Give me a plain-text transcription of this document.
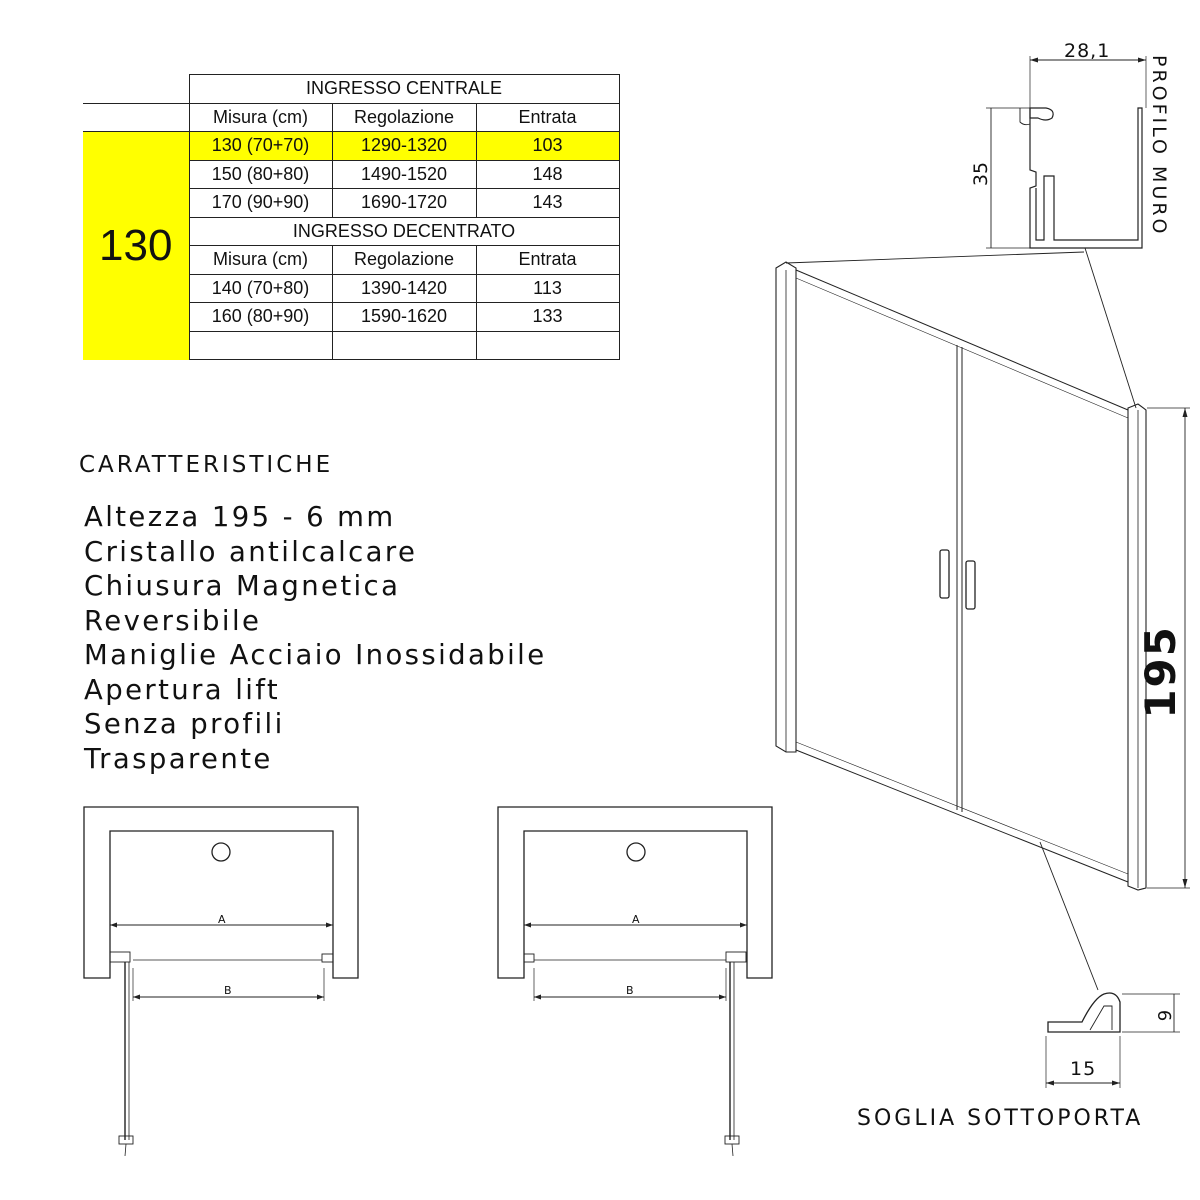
	INGRESSO CENTRALE		
	Misura (cm)	Regolazione	Entrata
130	130 (70+70)	1290-1320	103
	150 (80+80)	1490-1520	148
	170 (90+90)	1690-1720	143
	INGRESSO DECENTRATO		
	Misura (cm)	Regolazione	Entrata
	140 (70+80)	1390-1420	113
	160 (80+90)	1590-1620	133

CARATTERISTICHE
Altezza 195 - 6 mm
Cristallo antilcalcare
Chiusura Magnetica
Reversibile
Maniglie Acciaio Inossidabile
Apertura lift
Senza profili
Trasparente
A
B
A
B
28,1
PROFILO MURO
35
195
9
15
SOGLIA SOTTOPORTA
